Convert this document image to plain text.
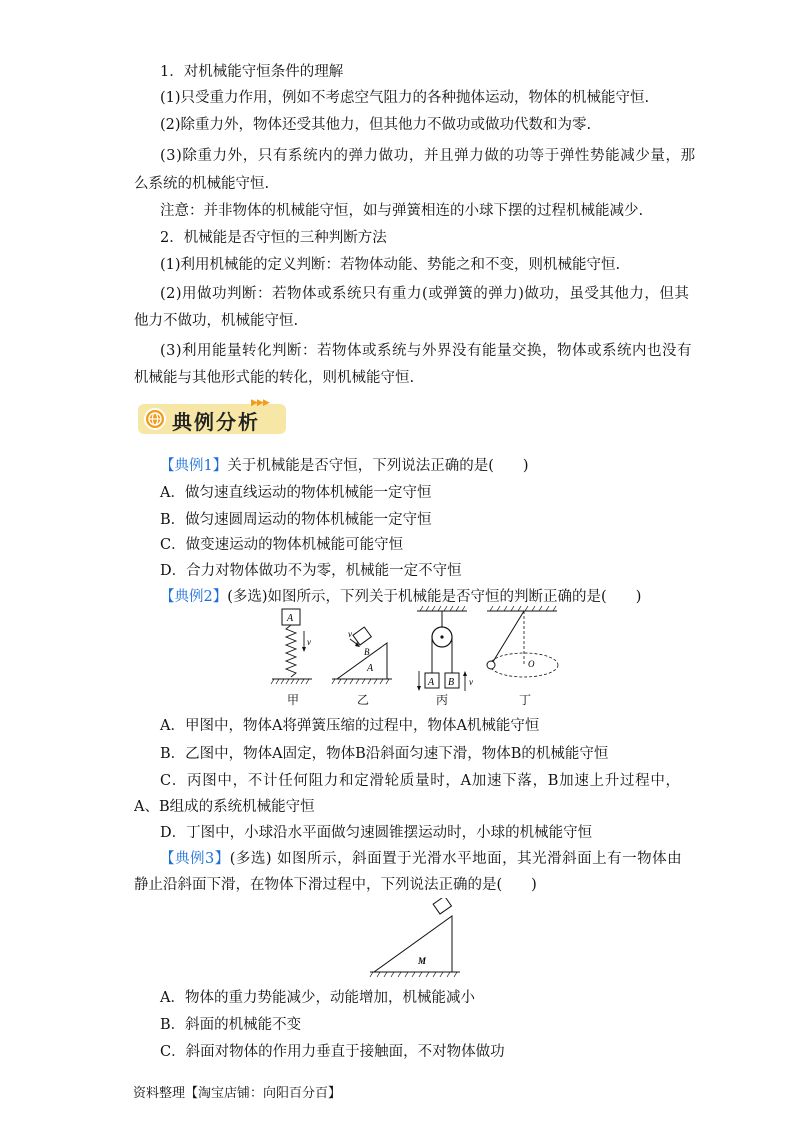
1．对机械能守恒条件的理解
(1)只受重力作用，例如不考虑空气阻力的各种抛体运动，物体的机械能守恒.
(2)除重力外，物体还受其他力，但其他力不做功或做功代数和为零.
(3)除重力外，只有系统内的弹力做功，并且弹力做的功等于弹性势能减少量，那
么系统的机械能守恒.
注意：并非物体的机械能守恒，如与弹簧相连的小球下摆的过程机械能减少.
2．机械能是否守恒的三种判断方法
(1)利用机械能的定义判断：若物体动能、势能之和不变，则机械能守恒.
(2)用做功判断：若物体或系统只有重力(或弹簧的弹力)做功，虽受其他力，但其
他力不做功，机械能守恒.
(3)利用能量转化判断：若物体或系统与外界没有能量交换，物体或系统内也没有
机械能与其他形式能的转化，则机械能守恒.
典例分析
▶▶▶
【典例1】关于机械能是否守恒，下列说法正确的是(　　)
A．做匀速直线运动的物体机械能一定守恒
B．做匀速圆周运动的物体机械能一定守恒
C．做变速运动的物体机械能可能守恒
D．合力对物体做功不为零，机械能一定不守恒
【典例2】(多选)如图所示，下列关于机械能是否守恒的判断正确的是(　　)
A
v
A
B
v
A B v
O
甲	乙	丙	丁
A．甲图中，物体A将弹簧压缩的过程中，物体A机械能守恒
B．乙图中，物体A固定，物体B沿斜面匀速下滑，物体B的机械能守恒
C．丙图中，不计任何阻力和定滑轮质量时，A加速下落，B加速上升过程中，
A、B组成的系统机械能守恒
D．丁图中，小球沿水平面做匀速圆锥摆运动时，小球的机械能守恒
【典例3】(多选) 如图所示，斜面置于光滑水平地面，其光滑斜面上有一物体由
静止沿斜面下滑，在物体下滑过程中，下列说法正确的是(　　)
M
A．物体的重力势能减少，动能增加，机械能减小
B．斜面的机械能不变
C．斜面对物体的作用力垂直于接触面，不对物体做功
资料整理【淘宝店铺：向阳百分百】
